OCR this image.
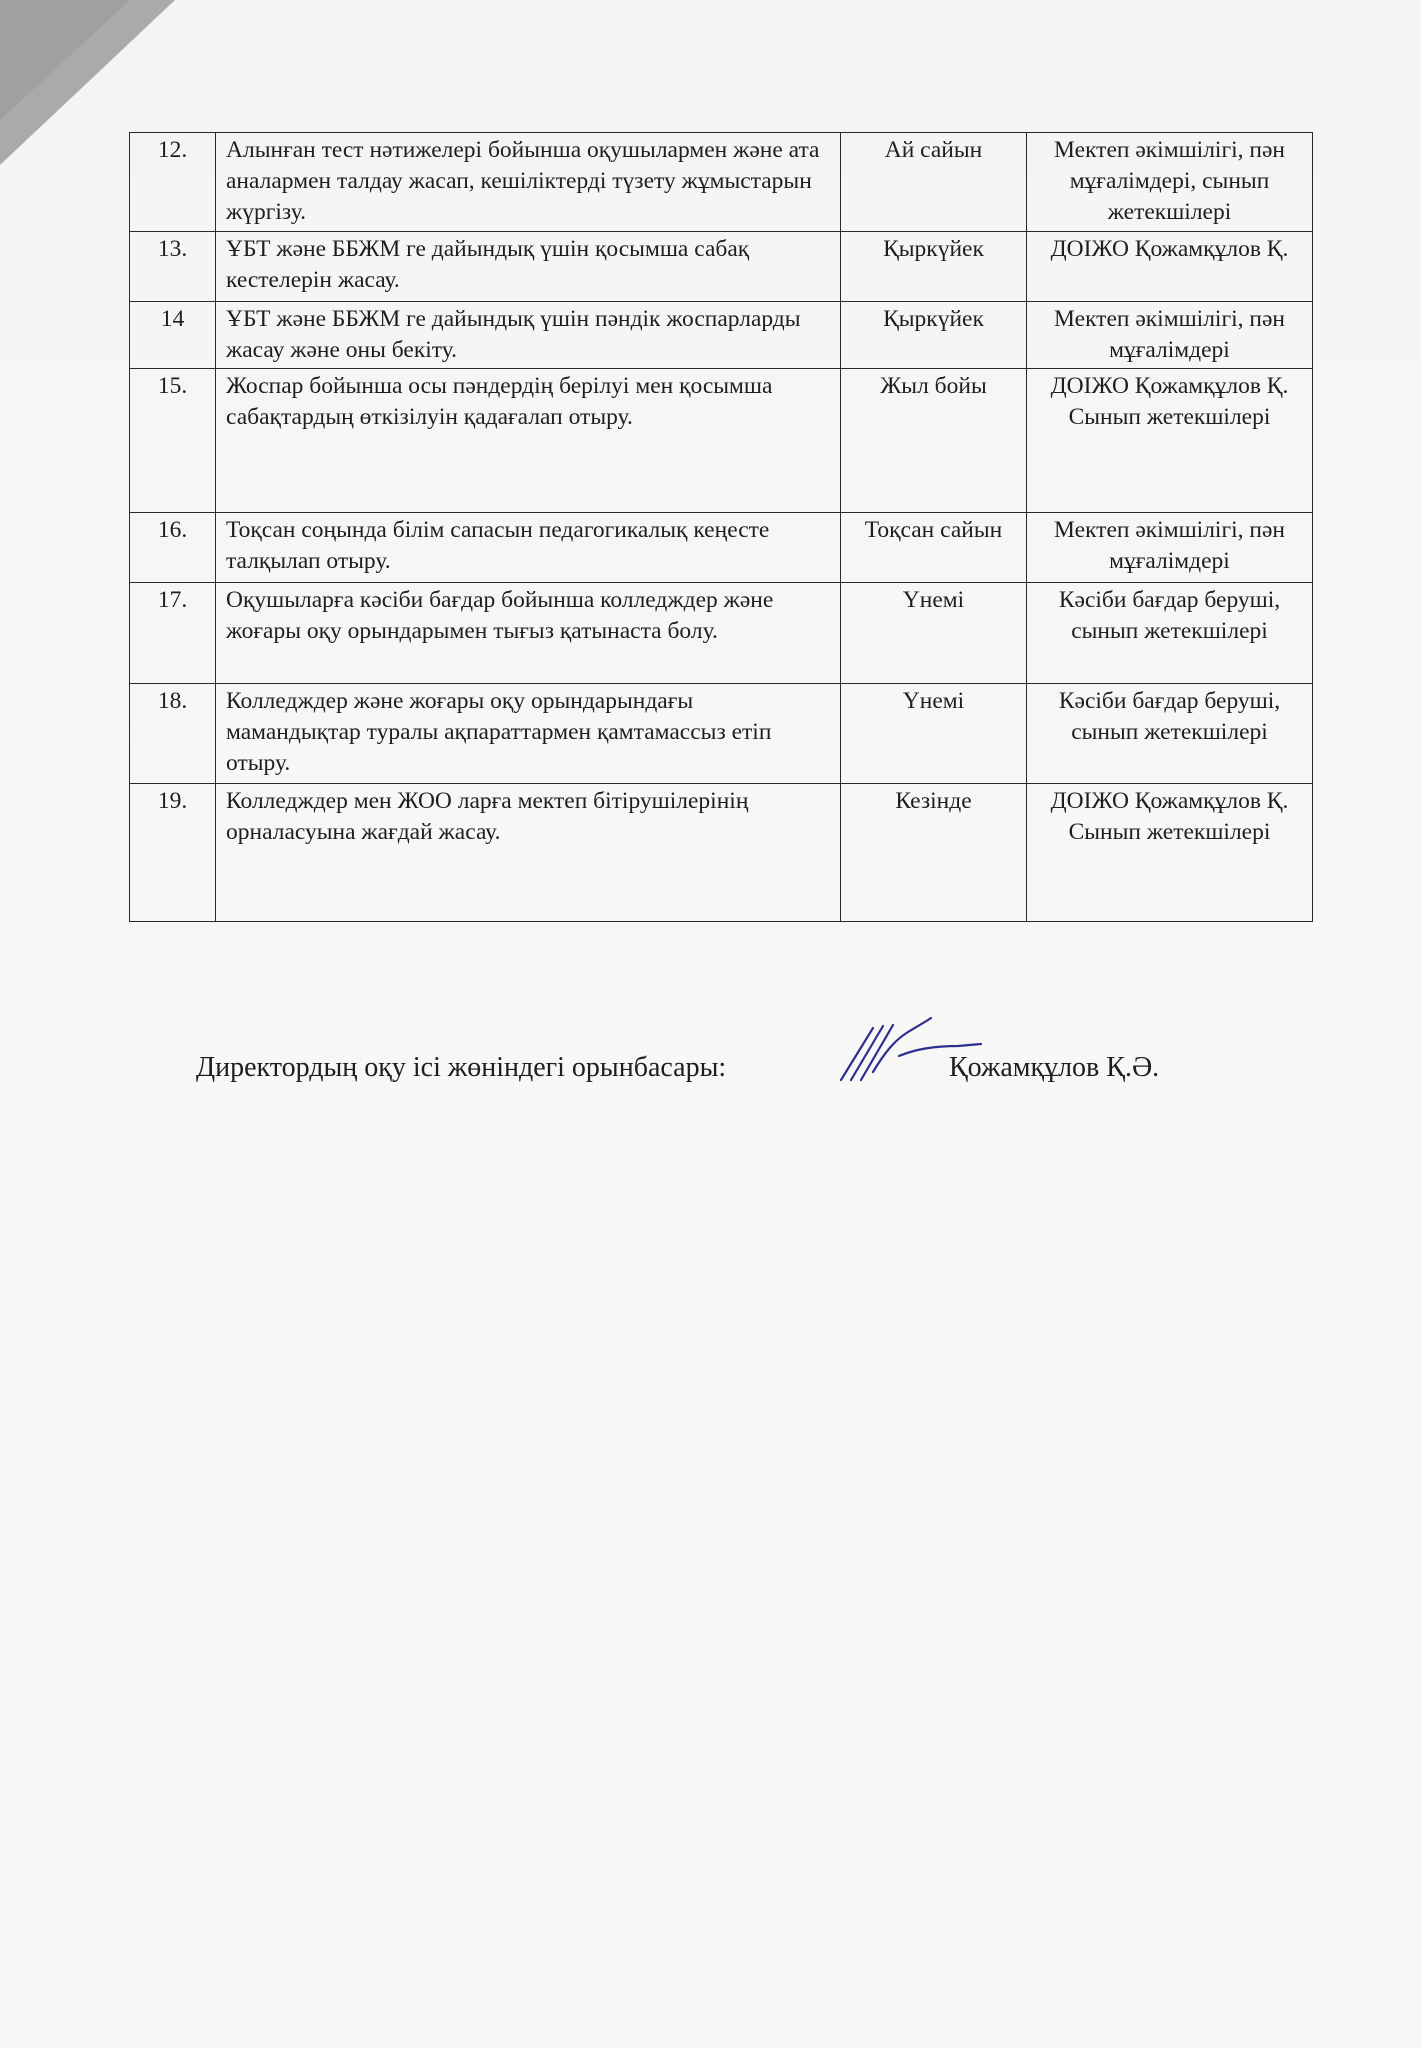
12.	Алынған тест нәтижелері бойынша оқушылармен және ата аналармен талдау жасап, кешіліктерді түзету жұмыстарын жүргізу.	Ай сайын	Мектеп әкімшілігі, пән мұғалімдері, сынып жетекшілері
13.	ҰБТ және ББЖМ ге дайындық үшін қосымша сабақ кестелерін жасау.	Қыркүйек	ДОІЖО Қожамқұлов Қ.
14	ҰБТ және ББЖМ ге дайындық үшін пәндік жоспарларды жасау және оны бекіту.	Қыркүйек	Мектеп әкімшілігі, пән мұғалімдері
15.	Жоспар бойынша осы пәндердің берілуі мен қосымша сабақтардың өткізілуін қадағалап отыру.	Жыл бойы	ДОІЖО Қожамқұлов Қ. Сынып жетекшілері
16.	Тоқсан соңында білім сапасын педагогикалық кеңесте талқылап отыру.	Тоқсан сайын	Мектеп әкімшілігі, пән мұғалімдері
17.	Оқушыларға кәсіби бағдар бойынша колледждер және жоғары оқу орындарымен тығыз қатынаста болу.	Үнемі	Кәсіби бағдар беруші, сынып жетекшілері
18.	Колледждер және жоғары оқу орындарындағы мамандықтар туралы ақпараттармен қамтамассыз етіп отыру.	Үнемі	Кәсіби бағдар беруші, сынып жетекшілері
19.	Колледждер мен ЖОО ларға мектеп бітірушілерінің орналасуына жағдай жасау.	Кезінде	ДОІЖО Қожамқұлов Қ. Сынып жетекшілері
Директордың оқу ісі жөніндегі орынбасары:	Қожамқұлов Қ.Ә.
